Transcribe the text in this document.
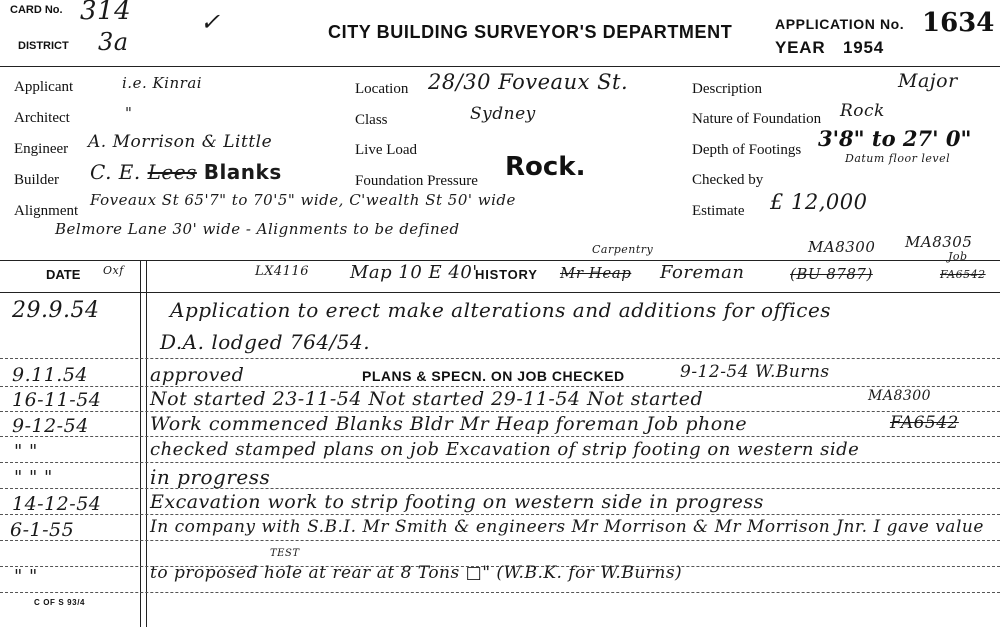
CARD No. 314
DISTRICT 3a
✓	CITY BUILDING SURVEYOR'S DEPARTMENT	APPLICATION No. 1634
YEAR 1954
Applicant	i.e. Kinrai
Architect	"
Engineer A. Morrison & Little
Builder C. E. Lees Blanks
Alignment
Foveaux St 65'7" to 70'5" wide, C'wealth St 50' wide
Belmore Lane 30' wide - Alignments to be defined
Location 28/30 Foveaux St.
Class	Sydney
Live Load
Foundation Pressure Rock.
Description	Major
Nature of Foundation Rock
Depth of Footings 3'8" to 27' 0"
Datum floor level
Checked by
Estimate £ 12,000
MA8300 MA8305
DATE Oxf	LX4116 Map 10 E 40'
HISTORY
Carpentry
Mr Heap Foreman	(BU 8787)
Job
FA6542
29.9.54	Application to erect make alterations and additions for offices
D.A. lodged 764/54.
9.11.54	approved	PLANS & SPECN. ON JOB CHECKED	9-12-54 W.Burns
16-11-54	Not started 23-11-54 Not started 29-11-54 Not started	MA8300
9-12-54	Work commenced Blanks Bldr Mr Heap foreman Job phone	FA6542
" "	checked stamped plans on job Excavation of strip footing on western side
" " "	in progress
14-12-54	Excavation work to strip footing on western side in progress
6-1-55	In company with S.B.I. Mr Smith & engineers Mr Morrison & Mr Morrison Jnr. I gave value
" "	to proposed hole at rear at 8 Tons □" (W.B.K. for W.Burns)
TEST
C OF S 93/4
